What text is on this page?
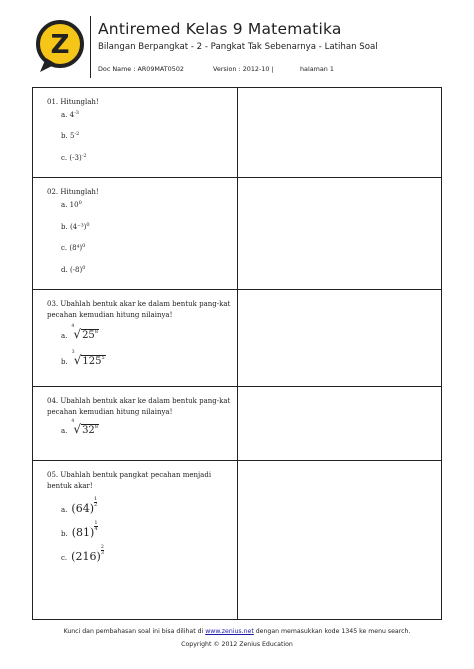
Z
Antiremed Kelas 9 Matematika
Bilangan Berpangkat - 2 - Pangkat Tak Sebenarnya - Latihan Soal
Doc Name : AR09MAT0502	Version : 2012-10 |	halaman 1
01. Hitunglah!
a. $4^{-3}$
b. $5^{-2}$
c. $(-3)^{-2}$
02. Hitunglah!
a. $10^0$
b. $(4^{-3})^0$
c. $(8^4)^0$
d. $(-8)^0$
03. Ubahlah bentuk akar ke dalam bentuk pang-kat pecahan kemudian hitung nilainya!
a.
4
$√25^8$
b.
3
$√125^5$
04. Ubahlah bentuk akar ke dalam bentuk pang-kat pecahan kemudian hitung nilainya!
a.
4
$√32^8$
05. Ubahlah bentuk pangkat pecahan menjadi bentuk akar!
a. $(64) \frac{1}{2}$
b. $(81) \frac{1}{4}$
c. $(216) \frac{2}{3}$
Kunci dan pembahasan soal ini bisa dilihat di www.zenius.net dengan memasukkan kode 1345 ke menu search.
Copyright © 2012 Zenius Education
